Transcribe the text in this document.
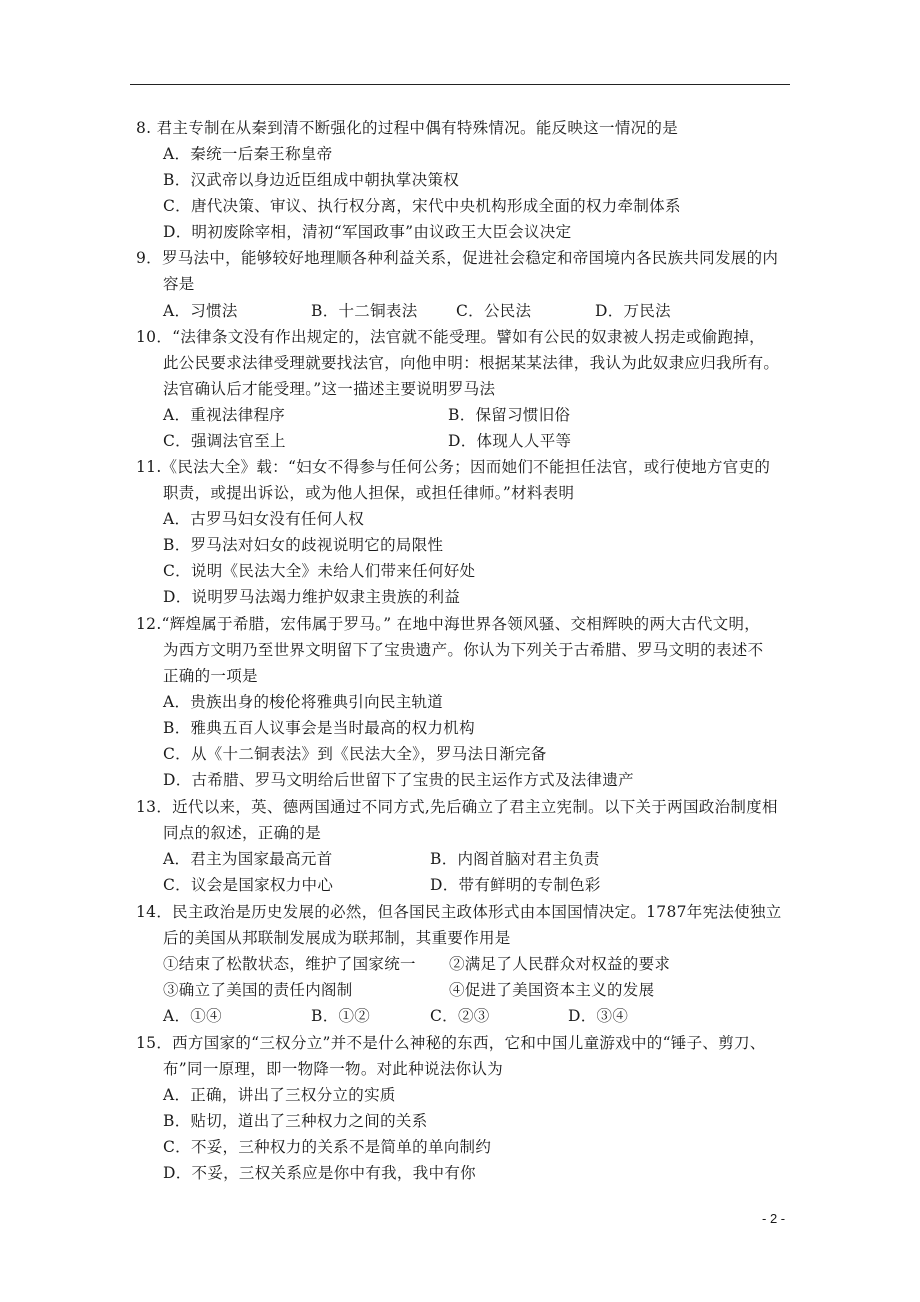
8. 君主专制在从秦到清不断强化的过程中偶有特殊情况。能反映这一情况的是
A．秦统一后秦王称皇帝
B．汉武帝以身边近臣组成中朝执掌决策权
C．唐代决策、审议、执行权分离，宋代中央机构形成全面的权力牵制体系
D．明初废除宰相，清初“军国政事”由议政王大臣会议决定
9．罗马法中，能够较好地理顺各种利益关系，促进社会稳定和帝国境内各民族共同发展的内
容是
A．习惯法	B．十二铜表法 C．公民法	D．万民法
10．“法律条文没有作出规定的，法官就不能受理。譬如有公民的奴隶被人拐走或偷跑掉，
此公民要求法律受理就要找法官，向他申明：根据某某法律，我认为此奴隶应归我所有。
法官确认后才能受理。”这一描述主要说明罗马法
A．重视法律程序	B．保留习惯旧俗
C．强调法官至上	D．体现人人平等
11.《民法大全》载：“妇女不得参与任何公务；因而她们不能担任法官，或行使地方官吏的
职责，或提出诉讼，或为他人担保，或担任律师。”材料表明
A．古罗马妇女没有任何人权
B．罗马法对妇女的歧视说明它的局限性
C．说明《民法大全》未给人们带来任何好处
D．说明罗马法竭力维护奴隶主贵族的利益
12.“辉煌属于希腊，宏伟属于罗马。” 在地中海世界各领风骚、交相辉映的两大古代文明，
为西方文明乃至世界文明留下了宝贵遗产。你认为下列关于古希腊、罗马文明的表述不
正确的一项是
A．贵族出身的梭伦将雅典引向民主轨道
B．雅典五百人议事会是当时最高的权力机构
C．从《十二铜表法》到《民法大全》，罗马法日渐完备
D．古希腊、罗马文明给后世留下了宝贵的民主运作方式及法律遗产
13．近代以来，英、德两国通过不同方式,先后确立了君主立宪制。以下关于两国政治制度相
同点的叙述，正确的是
A．君主为国家最高元首	B．内阁首脑对君主负责
C．议会是国家权力中心	D．带有鲜明的专制色彩
14．民主政治是历史发展的必然，但各国民主政体形式由本国国情决定。1787年宪法使独立
后的美国从邦联制发展成为联邦制，其重要作用是
①结束了松散状态，维护了国家统一 ②满足了人民群众对权益的要求
③确立了美国的责任内阁制	④促进了美国资本主义的发展
A．①④	B．①②	C．②③	D．③④
15．西方国家的“三权分立”并不是什么神秘的东西，它和中国儿童游戏中的“锤子、剪刀、
布”同一原理，即一物降一物。对此种说法你认为
A．正确，讲出了三权分立的实质
B．贴切，道出了三种权力之间的关系
C．不妥，三种权力的关系不是简单的单向制约
D．不妥，三权关系应是你中有我，我中有你
- 2 -
